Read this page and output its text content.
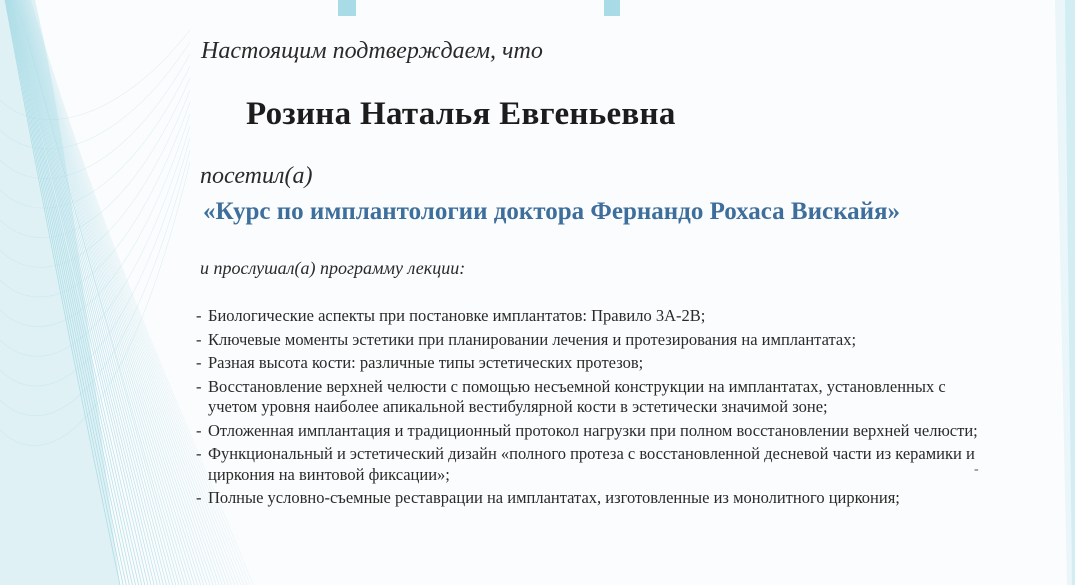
Настоящим подтверждаем, что

Розина Наталья Евгеньевна

посетил(а)

«Курс по имплантологии доктора Фернандо Рохаса Вискайя»

и прослушал(а) программу лекции:

- Биологические аспекты при постановке имплантатов: Правило 3А-2В;
- Ключевые моменты эстетики при планировании лечения и протезирования на имплантатах;
- Разная высота кости: различные типы эстетических протезов;
- Восстановление верхней челюсти с помощью несъемной конструкции на имплантатах, установленных с учетом уровня наиболее апикальной вестибулярной кости в эстетически значимой зоне;
- Отложенная имплантация и традиционный протокол нагрузки при полном восстановлении верхней челюсти;
- Функциональный и эстетический дизайн «полного протеза с восстановленной десневой части из керамики и циркония на винтовой фиксации»;
- Полные условно-съемные реставрации на имплантатах, изготовленные из монолитного циркония;
-
